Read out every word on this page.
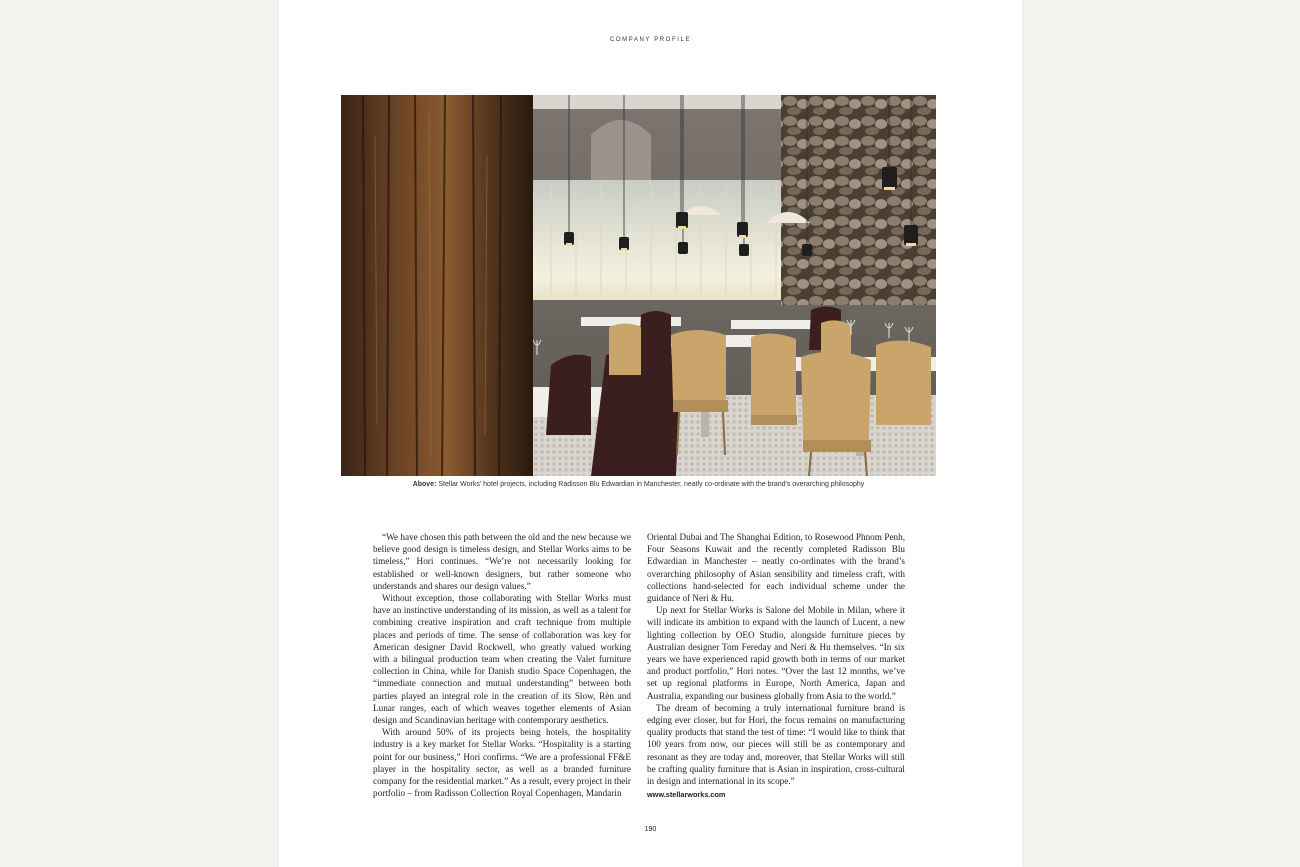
COMPANY PROFILE
Above: Stellar Works' hotel projects, including Radisson Blu Edwardian in Manchester, neatly co-ordinate with the brand's overarching philosophy

“We have chosen this path between the old and the new because we believe good design is timeless design, and Stellar Works aims to be timeless,” Hori continues. “We’re not necessarily looking for established or well-known designers, but rather someone who understands and shares our design values.”

Without exception, those collaborating with Stellar Works must have an instinctive understanding of its mission, as well as a talent for combining creative inspiration and craft technique from multiple places and periods of time. The sense of collaboration was key for American designer David Rockwell, who greatly valued working with a bilingual production team when creating the Valet furniture collection in China, while for Danish studio Space Copenhagen, the “immediate connection and mutual understanding” between both parties played an integral role in the creation of its Slow, Rèn and Lunar ranges, each of which weaves together elements of Asian design and Scandinavian heritage with contemporary aesthetics.

With around 50% of its projects being hotels, the hospitality industry is a key market for Stellar Works. “Hospitality is a starting point for our business,” Hori confirms. “We are a professional FF&E player in the hospitality sector, as well as a branded furniture company for the residential market.” As a result, every project in their portfolio – from Radisson Collection Royal Copenhagen, Mandarin

Oriental Dubai and The Shanghai Edition, to Rosewood Phnom Penh, Four Seasons Kuwait and the recently completed Radisson Blu Edwardian in Manchester – neatly co-ordinates with the brand’s overarching philosophy of Asian sensibility and timeless craft, with collections hand-selected for each individual scheme under the guidance of Neri & Hu.

Up next for Stellar Works is Salone del Mobile in Milan, where it will indicate its ambition to expand with the launch of Lucent, a new lighting collection by OEO Studio, alongside furniture pieces by Australian designer Tom Fereday and Neri & Hu themselves. “In six years we have experienced rapid growth both in terms of our market and product portfolio,” Hori notes. “Over the last 12 months, we’ve set up regional platforms in Europe, North America, Japan and Australia, expanding our business globally from Asia to the world.”

The dream of becoming a truly international furniture brand is edging ever closer, but for Hori, the focus remains on manufacturing quality products that stand the test of time: “I would like to think that 100 years from now, our pieces will still be as contemporary and resonant as they are today and, moreover, that Stellar Works will still be crafting quality furniture that is Asian in inspiration, cross-cultural in design and international in its scope.”

www.stellarworks.com
190
